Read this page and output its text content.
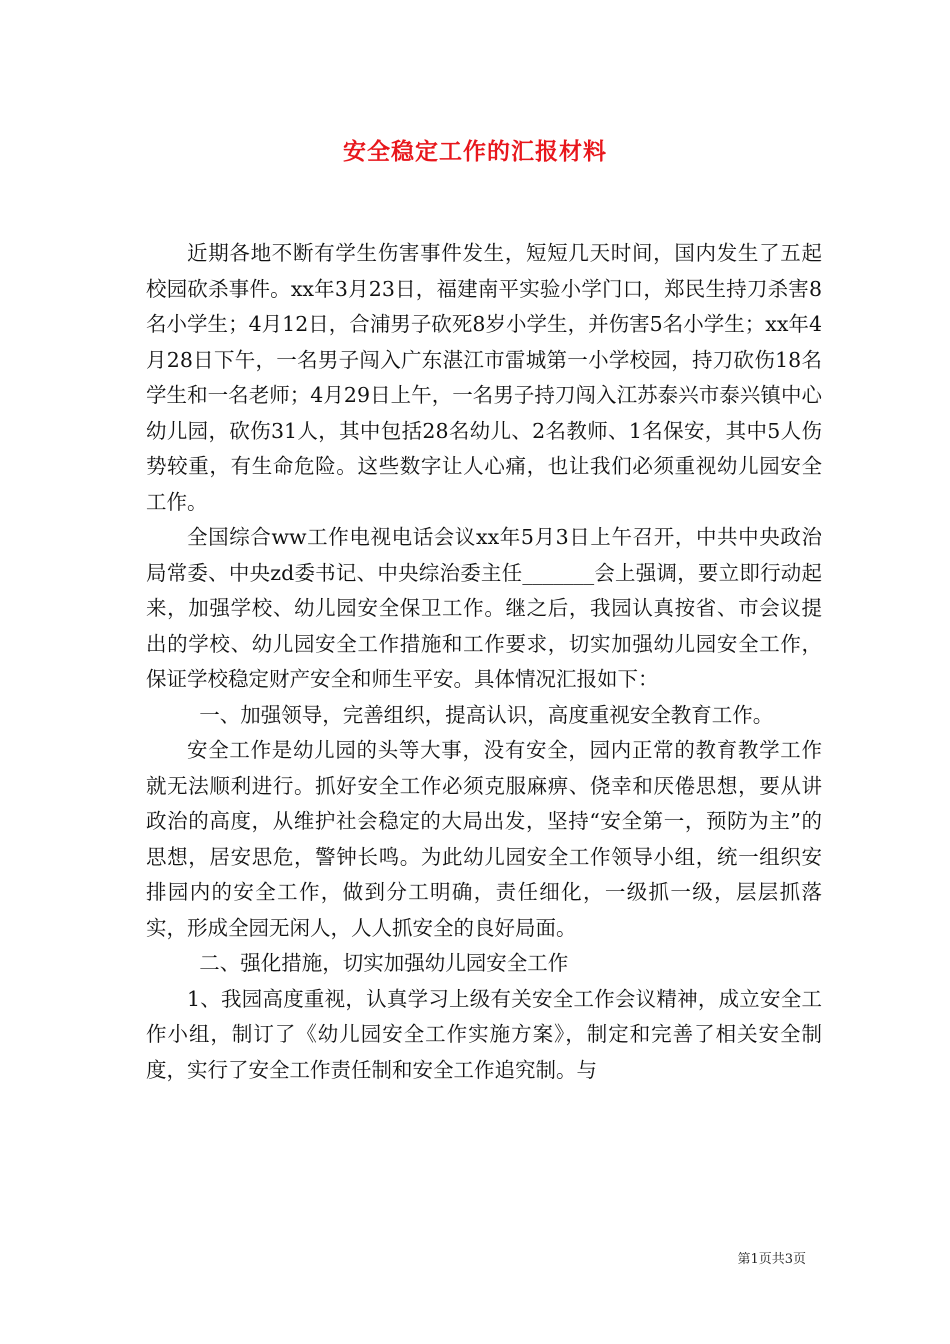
安全稳定工作的汇报材料

近期各地不断有学生伤害事件发生，短短几天时间，国内发生了五起校园砍杀事件。xx年3月23日，福建南平实验小学门口，郑民生持刀杀害8名小学生；4月12日，合浦男子砍死8岁小学生，并伤害5名小学生；xx年4月28日下午，一名男子闯入广东湛江市雷城第一小学校园，持刀砍伤18名学生和一名老师；4月29日上午，一名男子持刀闯入江苏泰兴市泰兴镇中心幼儿园，砍伤31人，其中包括28名幼儿、2名教师、1名保安，其中5人伤势较重，有生命危险。这些数字让人心痛，也让我们必须重视幼儿园安全工作。

全国综合ww工作电视电话会议xx年5月3日上午召开，中共中央政治局常委、中央zd委书记、中央综治委主任_______会上强调，要立即行动起来，加强学校、幼儿园安全保卫工作。继之后，我园认真按省、市会议提出的学校、幼儿园安全工作措施和工作要求，切实加强幼儿园安全工作，保证学校稳定财产安全和师生平安。具体情况汇报如下：

一、加强领导，完善组织，提高认识，高度重视安全教育工作。

安全工作是幼儿园的头等大事，没有安全，园内正常的教育教学工作就无法顺利进行。抓好安全工作必须克服麻痹、侥幸和厌倦思想，要从讲政治的高度，从维护社会稳定的大局出发，坚持“安全第一，预防为主”的思想，居安思危，警钟长鸣。为此幼儿园安全工作领导小组，统一组织安排园内的安全工作，做到分工明确，责任细化，一级抓一级，层层抓落实，形成全园无闲人，人人抓安全的良好局面。

二、强化措施，切实加强幼儿园安全工作

1、我园高度重视，认真学习上级有关安全工作会议精神，成立安全工作小组，制订了《幼儿园安全工作实施方案》，制定和完善了相关安全制度，实行了安全工作责任制和安全工作追究制。与

第1页共3页
